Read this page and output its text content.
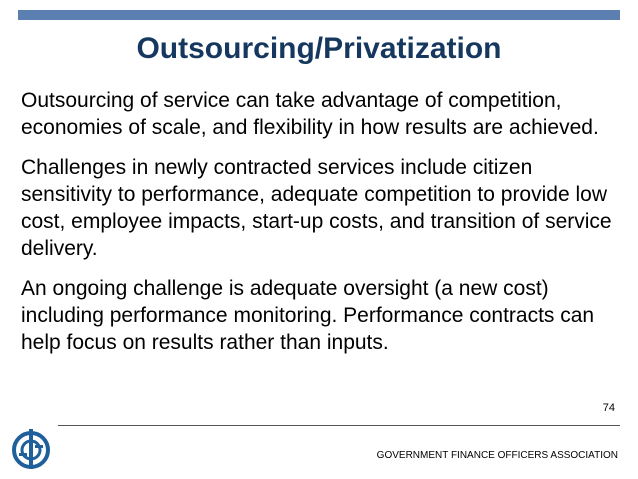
Outsourcing/Privatization

Outsourcing of service can take advantage of competition, economies of scale, and flexibility in how results are achieved.

Challenges in newly contracted services include citizen sensitivity to performance, adequate competition to provide low cost, employee impacts, start-up costs, and transition of service delivery.

An ongoing challenge is adequate oversight (a new cost) including performance monitoring. Performance contracts can help focus on results rather than inputs.

74
GOVERNMENT FINANCE OFFICERS ASSOCIATION
